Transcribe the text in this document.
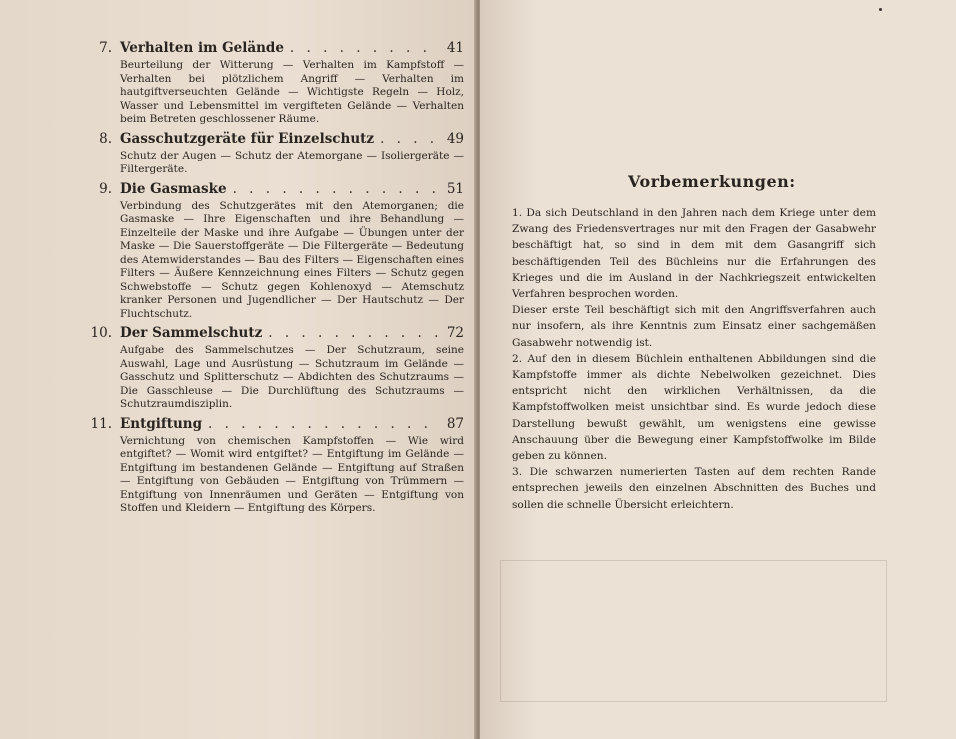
7. Verhalten im Gelände . . .	41
Beurteilung der Witterung — Verhalten im Kampfstoff — Verhalten bei plötzlichem Angriff — Verhalten im hautgiftverseuchten Gelände — Wichtigste Regeln — Holz, Wasser und Lebensmittel im vergifteten Gelände — Verhalten beim Betreten geschlossener Räume.
8. Gasschutzgeräte für Einzelschutz . . .	49
Schutz der Augen — Schutz der Atemorgane — Isoliergeräte — Filtergeräte.
9. Die Gasmaske . . .	51
Verbindung des Schutzgerätes mit den Atemorganen; die Gasmaske — Ihre Eigenschaften und ihre Behandlung — Einzelteile der Maske und ihre Aufgabe — Übungen unter der Maske — Die Sauerstoffgeräte — Die Filtergeräte — Bedeutung des Atemwiderstandes — Bau des Filters — Eigenschaften eines Filters — Äußere Kennzeichnung eines Filters — Schutz gegen Schwebstoffe — Schutz gegen Kohlenoxyd — Atemschutz kranker Personen und Jugendlicher — Der Hautschutz — Der Fluchtschutz.
10. Der Sammelschutz . . .	72
Aufgabe des Sammelschutzes — Der Schutzraum, seine Auswahl, Lage und Ausrüstung — Schutzraum im Gelände — Gasschutz und Splitterschutz — Abdichten des Schutzraums — Die Gasschleuse — Die Durchlüftung des Schutzraums — Schutzraumdisziplin.
11. Entgiftung . . .	87
Vernichtung von chemischen Kampfstoffen — Wie wird entgiftet? — Womit wird entgiftet? — Entgiftung im Gelände — Entgiftung im bestandenen Gelände — Entgiftung auf Straßen — Entgiftung von Gebäuden — Entgiftung von Trümmern — Entgiftung von Innenräumen und Geräten — Entgiftung von Stoffen und Kleidern — Entgiftung des Körpers.
Vorbemerkungen:

1. Da sich Deutschland in den Jahren nach dem Kriege unter dem Zwang des Friedensvertrages nur mit den Fragen der Gasabwehr beschäftigt hat, so sind in dem mit dem Gasangriff sich beschäftigenden Teil des Büchleins nur die Erfahrungen des Krieges und die im Ausland in der Nachkriegszeit entwickelten Verfahren besprochen worden.

Dieser erste Teil beschäftigt sich mit den Angriffsverfahren auch nur insofern, als ihre Kenntnis zum Einsatz einer sachgemäßen Gasabwehr notwendig ist.

2. Auf den in diesem Büchlein enthaltenen Abbildungen sind die Kampfstoffe immer als dichte Nebelwolken gezeichnet. Dies entspricht nicht den wirklichen Verhältnissen, da die Kampfstoffwolken meist unsichtbar sind. Es wurde jedoch diese Darstellung bewußt gewählt, um wenigstens eine gewisse Anschauung über die Bewegung einer Kampfstoffwolke im Bilde geben zu können.

3. Die schwarzen numerierten Tasten auf dem rechten Rande entsprechen jeweils den einzelnen Abschnitten des Buches und sollen die schnelle Übersicht erleichtern.
